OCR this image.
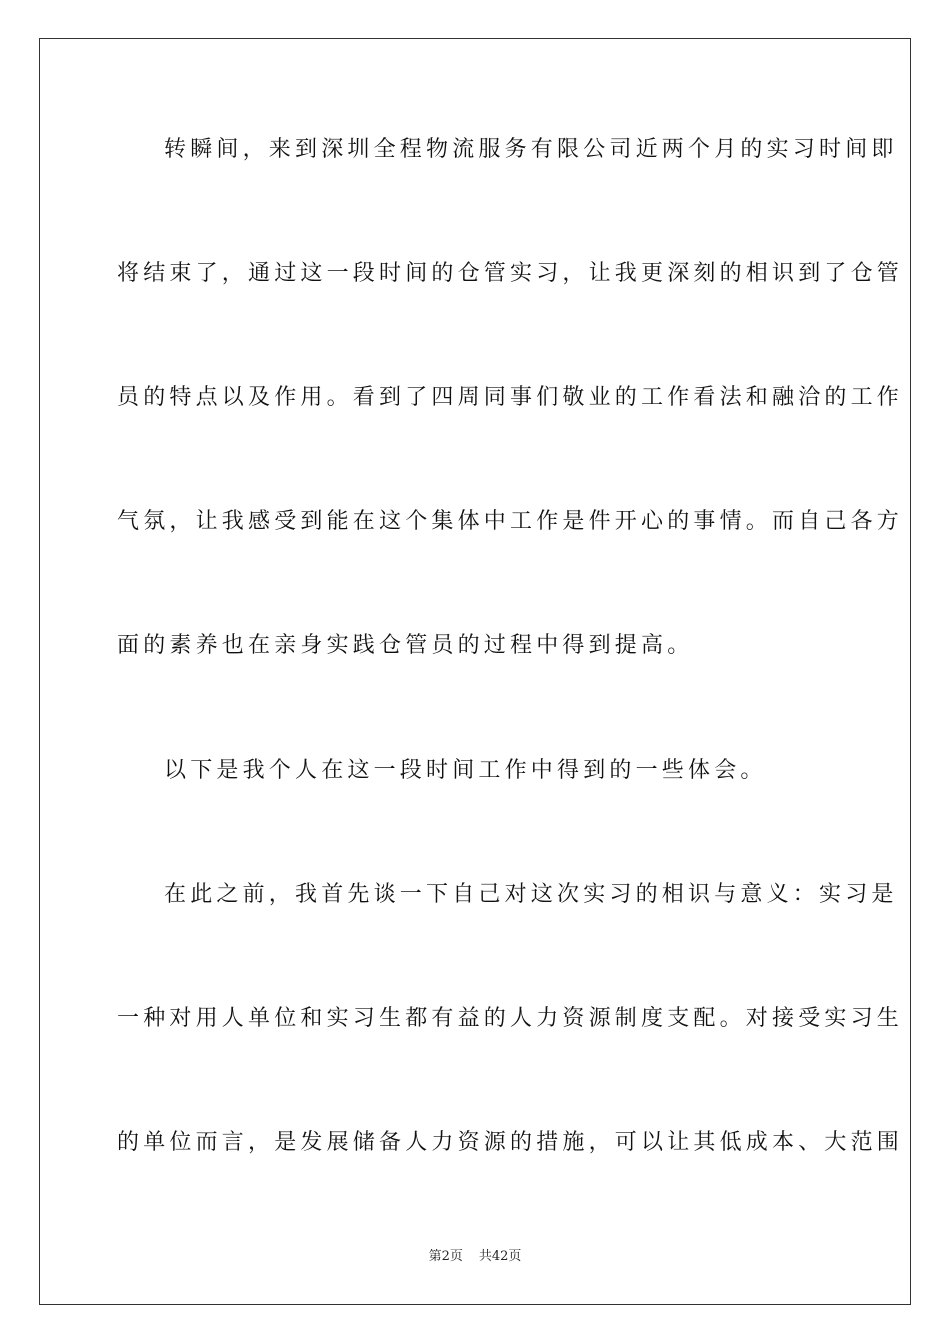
转瞬间，来到深圳全程物流服务有限公司近两个月的实习时间即
将结束了，通过这一段时间的仓管实习，让我更深刻的相识到了仓管
员的特点以及作用。看到了四周同事们敬业的工作看法和融洽的工作
气氛，让我感受到能在这个集体中工作是件开心的事情。而自己各方
面的素养也在亲身实践仓管员的过程中得到提高。
以下是我个人在这一段时间工作中得到的一些体会。
在此之前，我首先谈一下自己对这次实习的相识与意义：实习是
一种对用人单位和实习生都有益的人力资源制度支配。对接受实习生
的单位而言，是发展储备人力资源的措施，可以让其低成本、大范围
第2页 共42页
